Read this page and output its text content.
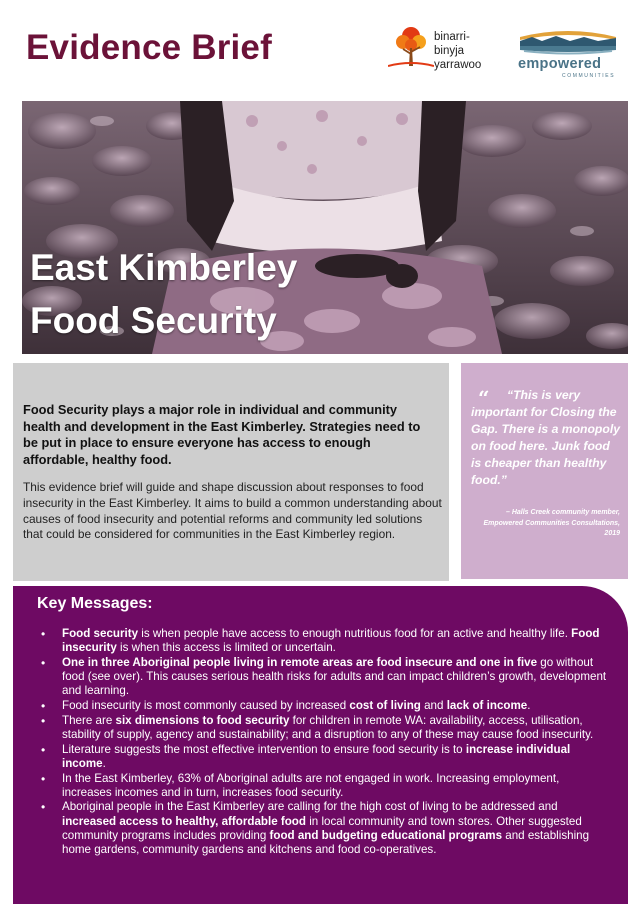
Evidence Brief	binarri-
binyja
yarrawoo	empowered
COMMUNITIES
East Kimberley
Food Security

Food Security plays a major role in individual and community health and development in the East Kimberley. Strategies need to be put in place to ensure everyone has access to enough affordable, healthy food.

This evidence brief will guide and shape discussion about responses to food insecurity in the East Kimberley. It aims to build a common understanding about causes of food insecurity and potential reforms and community led solutions that could be considered for communities in the East Kimberley region.

“	“This is very important for Closing the Gap. There is a monopoly on food here. Junk food is cheaper than healthy food.”

– Halls Creek community member, Empowered Communities Consultations, 2019

Key Messages:
• Food security is when people have access to enough nutritious food for an active and healthy life. Food insecurity is when this access is limited or uncertain.
• One in three Aboriginal people living in remote areas are food insecure and one in five go without food (see over). This causes serious health risks for adults and can impact children’s growth, development and learning.
• Food insecurity is most commonly caused by increased cost of living and lack of income.
• There are six dimensions to food security for children in remote WA: availability, access, utilisation, stability of supply, agency and sustainability; and a disruption to any of these may cause food insecurity.
• Literature suggests the most effective intervention to ensure food security is to increase individual income.
• In the East Kimberley, 63% of Aboriginal adults are not engaged in work. Increasing employment, increases incomes and in turn, increases food security.
• Aboriginal people in the East Kimberley are calling for the high cost of living to be addressed and increased access to healthy, affordable food in local community and town stores. Other suggested community programs includes providing food and budgeting educational programs and establishing home gardens, community gardens and kitchens and food co-operatives.
